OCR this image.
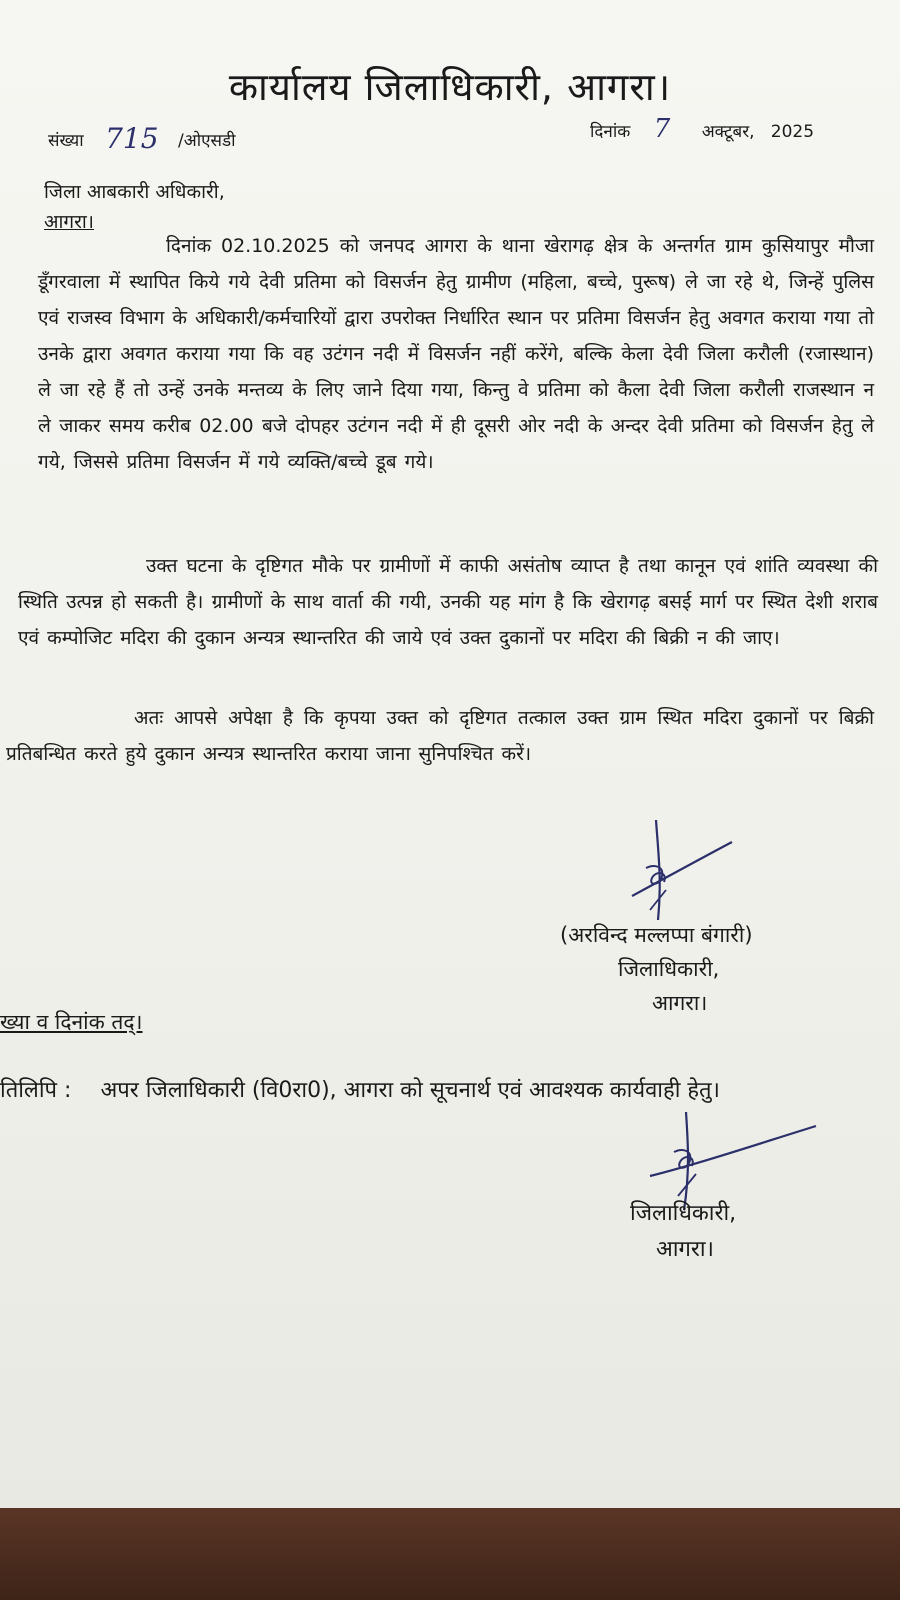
कार्यालय जिलाधिकारी, आगरा।
संख्या 715 /ओएसडी	दिनांक 7 अक्टूबर,   2025
जिला आबकारी अधिकारी,
आगरा।

दिनांक 02.10.2025 को जनपद आगरा के थाना खेरागढ़ क्षेत्र के अन्तर्गत ग्राम कुसियापुर मौजा डूँगरवाला में स्थापित किये गये देवी प्रतिमा को विसर्जन हेतु ग्रामीण (महिला, बच्चे, पुरूष) ले जा रहे थे, जिन्हें पुलिस एवं राजस्व विभाग के अधिकारी/कर्मचारियों द्वारा उपरोक्त निर्धारित स्थान पर प्रतिमा विसर्जन हेतु अवगत कराया गया तो उनके द्वारा अवगत कराया गया कि वह उटंगन नदी में विसर्जन नहीं करेंगे, बल्कि केला देवी जिला करौली (रजास्थान) ले जा रहे हैं तो उन्हें उनके मन्तव्य के लिए जाने दिया गया, किन्तु वे प्रतिमा को कैला देवी जिला करौली राजस्थान न ले जाकर समय करीब 02.00 बजे दोपहर उटंगन नदी में ही दूसरी ओर नदी के अन्दर देवी प्रतिमा को विसर्जन हेतु ले गये, जिससे प्रतिमा विसर्जन में गये व्यक्ति/बच्चे डूब गये।

उक्त घटना के दृष्टिगत मौके पर ग्रामीणों में काफी असंतोष व्याप्त है तथा कानून एवं शांति व्यवस्था की स्थिति उत्पन्न हो सकती है। ग्रामीणों के साथ वार्ता की गयी, उनकी यह मांग है कि खेरागढ़ बसई मार्ग पर स्थित देशी शराब एवं कम्पोजिट मदिरा की दुकान अन्यत्र स्थान्तरित की जाये एवं उक्त दुकानों पर मदिरा की बिक्री न की जाए।

अतः आपसे अपेक्षा है कि कृपया उक्त को दृष्टिगत तत्काल उक्त ग्राम स्थित मदिरा दुकानों पर बिक्री प्रतिबन्धित करते हुये दुकान अन्यत्र स्थान्तरित कराया जाना सुनिपश्चित करें।

(अरविन्द मल्लप्पा बंगारी)
जिलाधिकारी,
आगरा।
ख्या व दिनांक तद्।
तिलिपि : अपर जिलाधिकारी (वि0रा0), आगरा को सूचनार्थ एवं आवश्यक कार्यवाही हेतु।
जिलाधिकारी,
आगरा।
